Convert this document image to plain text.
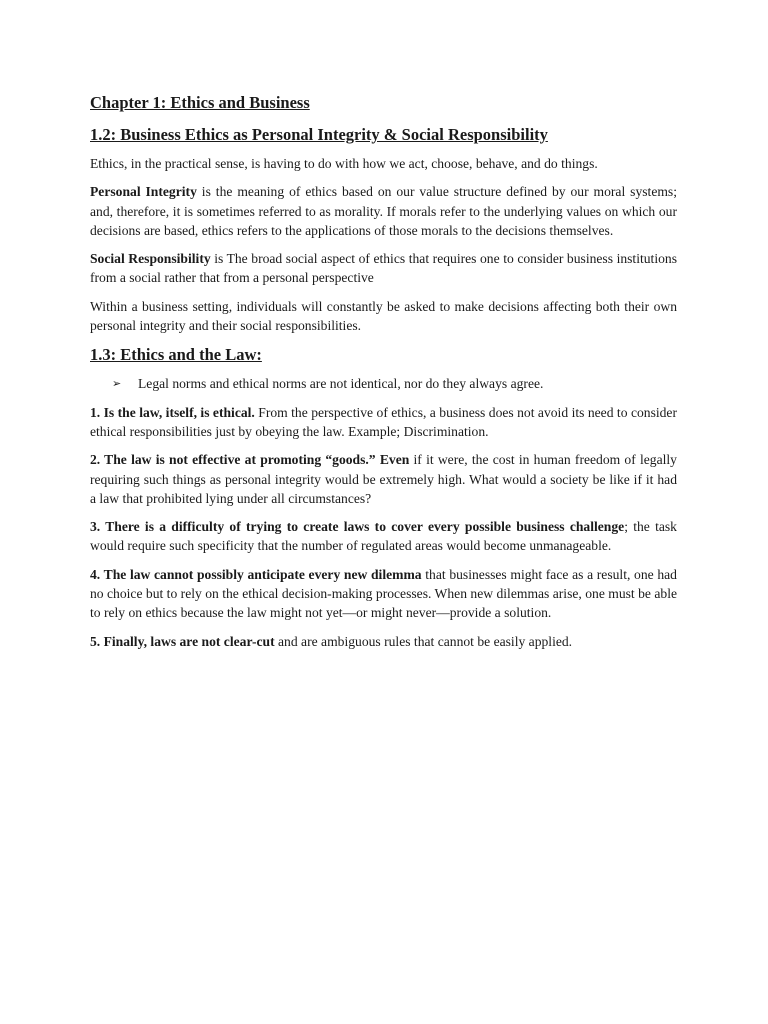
Chapter 1: Ethics and Business
1.2: Business Ethics as Personal Integrity & Social Responsibility

Ethics, in the practical sense, is having to do with how we act, choose, behave, and do things.

Personal Integrity is the meaning of ethics based on our value structure defined by our moral systems; and, therefore, it is sometimes referred to as morality. If morals refer to the underlying values on which our decisions are based, ethics refers to the applications of those morals to the decisions themselves.

Social Responsibility is The broad social aspect of ethics that requires one to consider business institutions from a social rather that from a personal perspective

Within a business setting, individuals will constantly be asked to make decisions affecting both their own personal integrity and their social responsibilities.

1.3: Ethics and the Law:
➢	Legal norms and ethical norms are not identical, nor do they always agree.

1. Is the law, itself, is ethical. From the perspective of ethics, a business does not avoid its need to consider ethical responsibilities just by obeying the law. Example; Discrimination.

2. The law is not effective at promoting “goods.” Even if it were, the cost in human freedom of legally requiring such things as personal integrity would be extremely high. What would a society be like if it had a law that prohibited lying under all circumstances?

3. There is a difficulty of trying to create laws to cover every possible business challenge; the task would require such specificity that the number of regulated areas would become unmanageable.

4. The law cannot possibly anticipate every new dilemma that businesses might face as a result, one had no choice but to rely on the ethical decision-making processes. When new dilemmas arise, one must be able to rely on ethics because the law might not yet—or might never—provide a solution.

5. Finally, laws are not clear-cut and are ambiguous rules that cannot be easily applied.
